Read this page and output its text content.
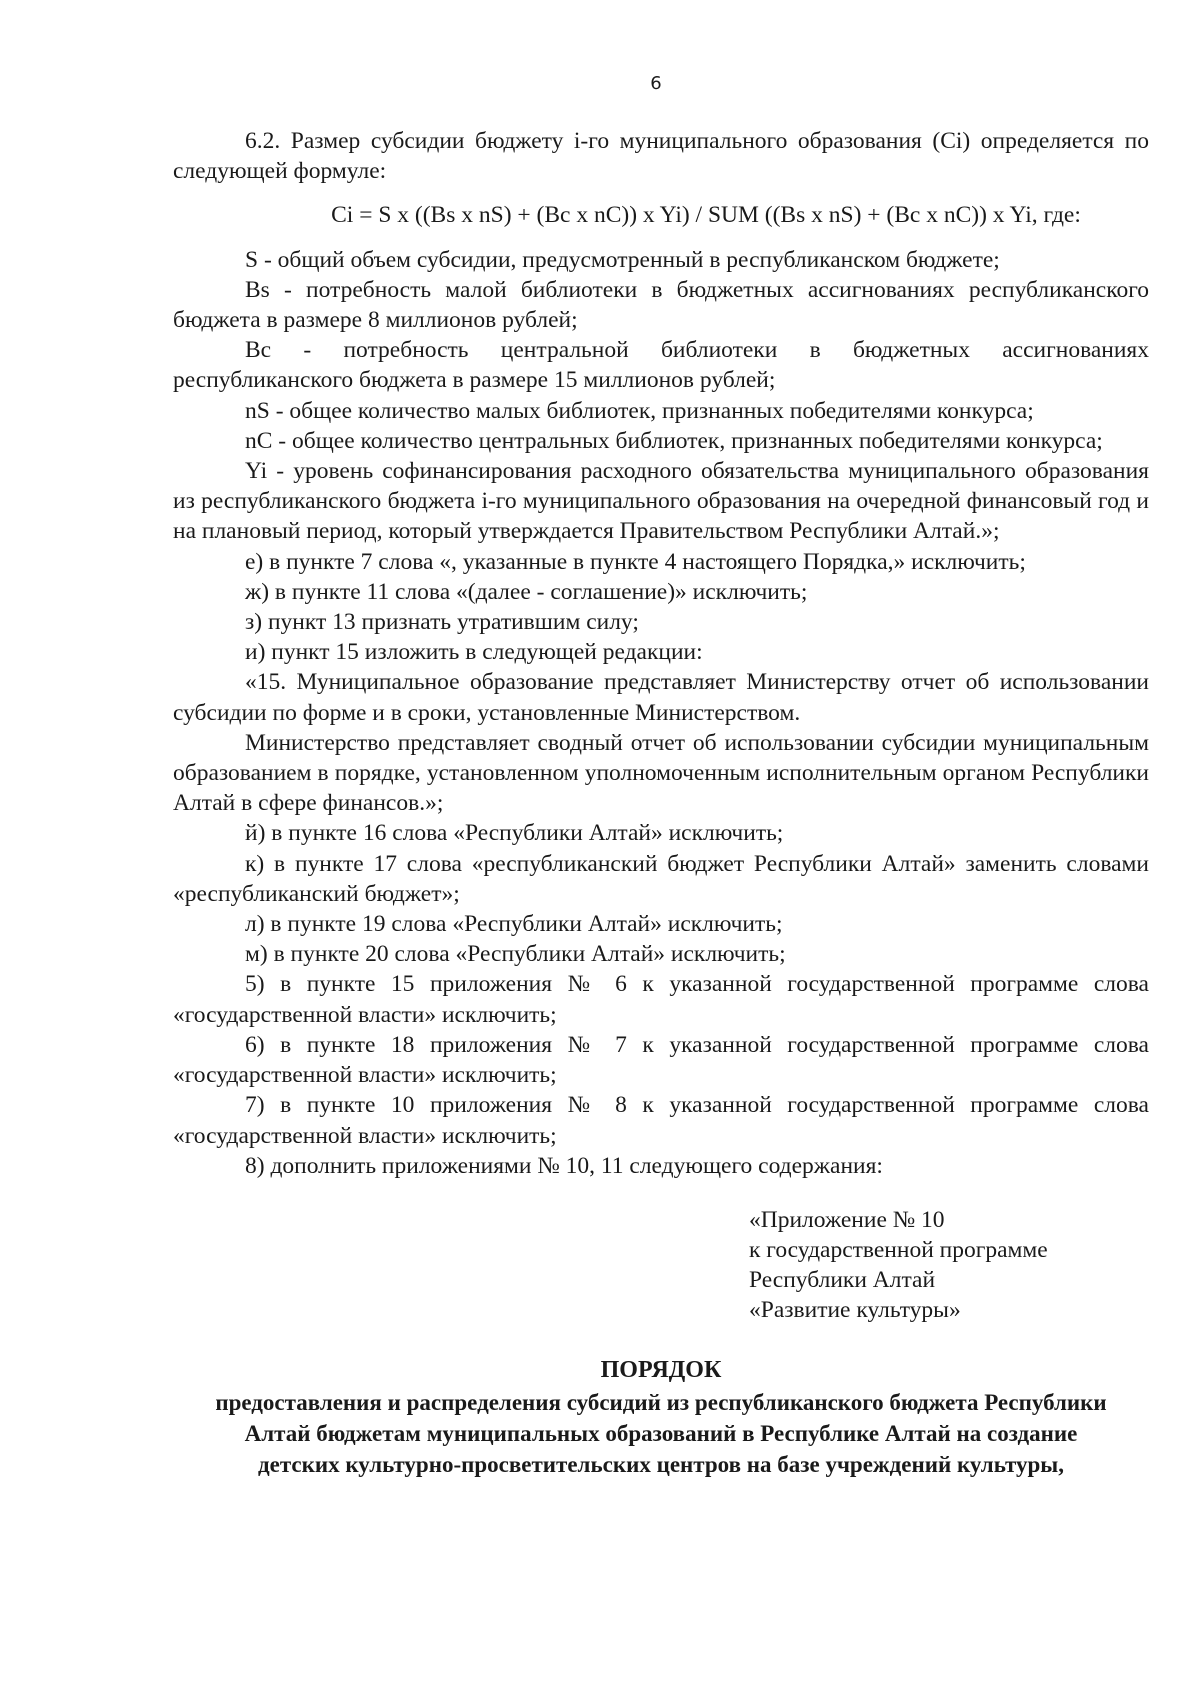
6

6.2. Размер субсидии бюджету i-го муниципального образования (Ci) определяется по следующей формуле:

Ci = S x ((Bs x nS) + (Bc x nC)) x Yi) / SUM ((Bs x nS) + (Bc x nC)) x Yi, где:

S - общий объем субсидии, предусмотренный в республиканском бюджете;

Bs - потребность малой библиотеки в бюджетных ассигнованиях республиканского бюджета в размере 8 миллионов рублей;

Bc - потребность центральной библиотеки в бюджетных ассигнованиях республиканского бюджета в размере 15 миллионов рублей;

nS - общее количество малых библиотек, признанных победителями конкурса;

nC - общее количество центральных библиотек, признанных победителями конкурса;

Yi - уровень софинансирования расходного обязательства муниципального образования из республиканского бюджета i-го муниципального образования на очередной финансовый год и на плановый период, который утверждается Правительством Республики Алтай.»;

е) в пункте 7 слова «, указанные в пункте 4 настоящего Порядка,» исключить;

ж) в пункте 11 слова «(далее - соглашение)» исключить;

з) пункт 13 признать утратившим силу;

и) пункт 15 изложить в следующей редакции:

«15. Муниципальное образование представляет Министерству отчет об использовании субсидии по форме и в сроки, установленные Министерством.

Министерство представляет сводный отчет об использовании субсидии муниципальным образованием в порядке, установленном уполномоченным исполнительным органом Республики Алтай в сфере финансов.»;

й) в пункте 16 слова «Республики Алтай» исключить;

к) в пункте 17 слова «республиканский бюджет Республики Алтай» заменить словами «республиканский бюджет»;

л) в пункте 19 слова «Республики Алтай» исключить;

м) в пункте 20 слова «Республики Алтай» исключить;

5) в пункте 15 приложения № 6 к указанной государственной программе слова «государственной власти» исключить;

6) в пункте 18 приложения № 7 к указанной государственной программе слова «государственной власти» исключить;

7) в пункте 10 приложения № 8 к указанной государственной программе слова «государственной власти» исключить;

8) дополнить приложениями № 10, 11 следующего содержания:

«Приложение № 10
к государственной программе
Республики Алтай
«Развитие культуры»
ПОРЯДОК
предоставления и распределения субсидий из республиканского бюджета Республики
Алтай бюджетам муниципальных образований в Республике Алтай на создание
детских культурно-просветительских центров на базе учреждений культуры,
